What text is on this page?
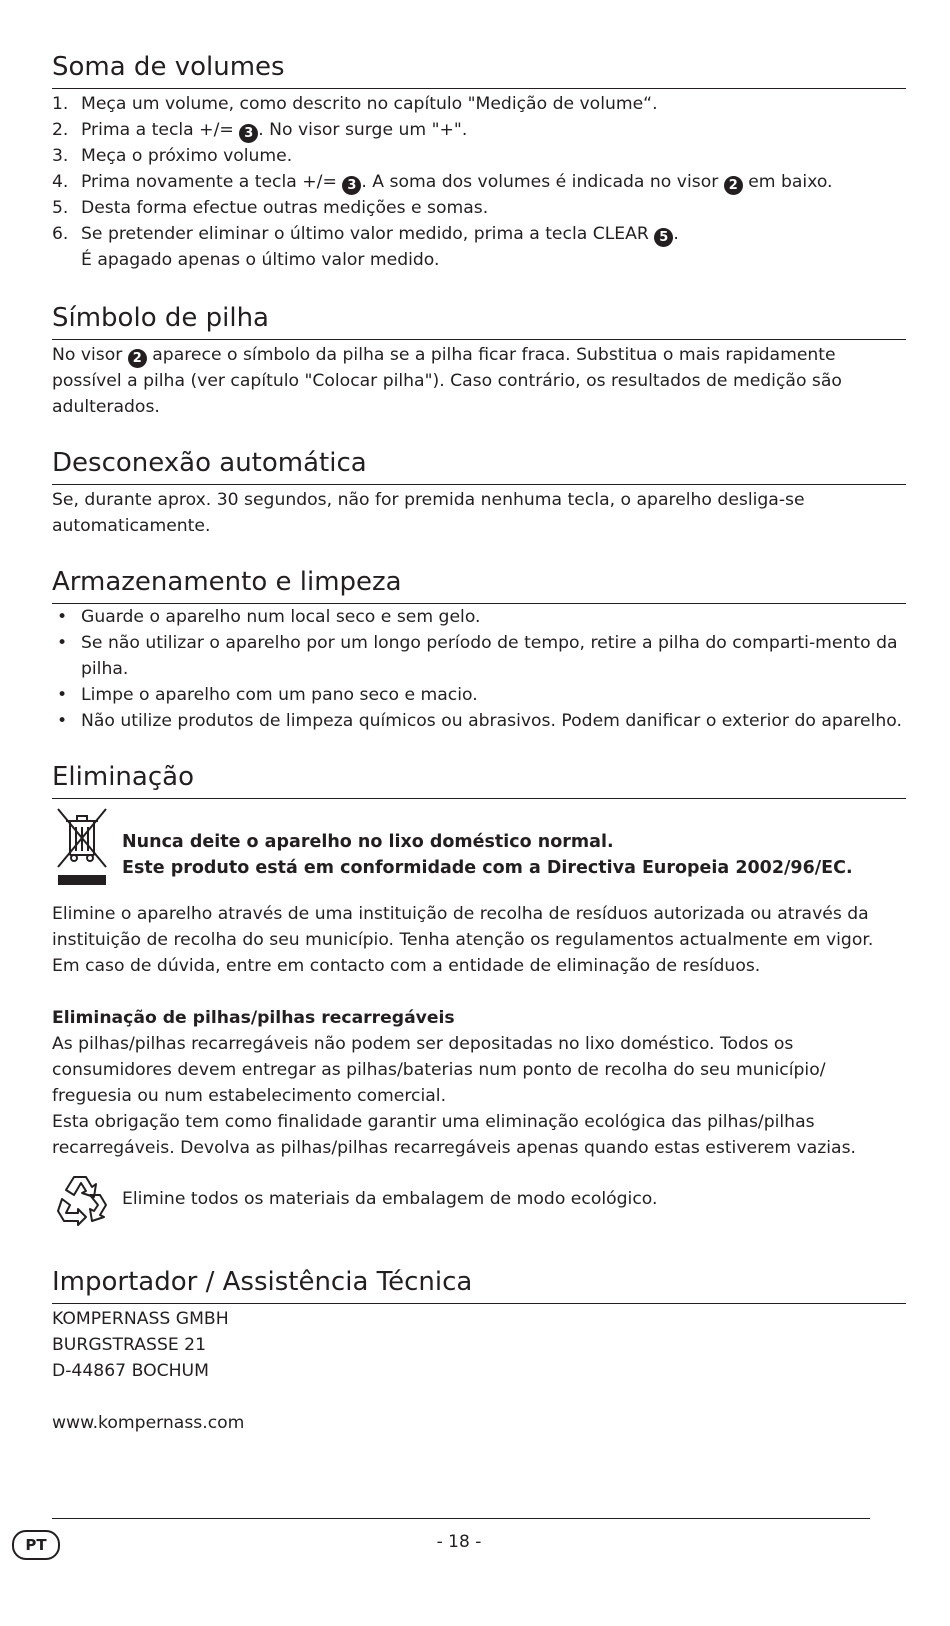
Soma de volumes
1. Meça um volume, como descrito no capítulo "Medição de volume“.
2. Prima a tecla +/= 3 . No visor surge um "+".
3. Meça o próximo volume.
4. Prima novamente a tecla +/= 3 . A soma dos volumes é indicada no visor 2 em baixo.
5. Desta forma efectue outras medições e somas.
6. Se pretender eliminar o último valor medido, prima a tecla CLEAR 5 .
É apagado apenas o último valor medido.
Símbolo de pilha

No visor 2 aparece o símbolo da pilha se a pilha ficar fraca. Substitua o mais rapidamente possível a pilha (ver capítulo "Colocar pilha"). Caso contrário, os resultados de medição são adulterados.

Desconexão automática

Se, durante aprox. 30 segundos, não for premida nenhuma tecla, o aparelho desliga-se automaticamente.

Armazenamento e limpeza
• Guarde o aparelho num local seco e sem gelo.
• Se não utilizar o aparelho por um longo período de tempo, retire a pilha do comparti-mento da pilha.
• Limpe o aparelho com um pano seco e macio.
• Não utilize produtos de limpeza químicos ou abrasivos. Podem danificar o exterior do aparelho.
Eliminação
Nunca deite o aparelho no lixo doméstico normal.
Este produto está em conformidade com a Directiva Europeia 2002/96/EC.

Elimine o aparelho através de uma instituição de recolha de resíduos autorizada ou através da instituição de recolha do seu município. Tenha atenção os regulamentos actualmente em vigor. Em caso de dúvida, entre em contacto com a entidade de eliminação de resíduos.

Eliminação de pilhas/pilhas recarregáveis

As pilhas/pilhas recarregáveis não podem ser depositadas no lixo doméstico. Todos os consumidores devem entregar as pilhas/baterias num ponto de recolha do seu município/ freguesia ou num estabelecimento comercial.

Esta obrigação tem como finalidade garantir uma eliminação ecológica das pilhas/pilhas recarregáveis. Devolva as pilhas/pilhas recarregáveis apenas quando estas estiverem vazias.

Elimine todos os materiais da embalagem de modo ecológico.
Importador / Assistência Técnica
KOMPERNASS GMBH
BURGSTRASSE 21
D-44867 BOCHUM
www.kompernass.com
PT	- 18 -
